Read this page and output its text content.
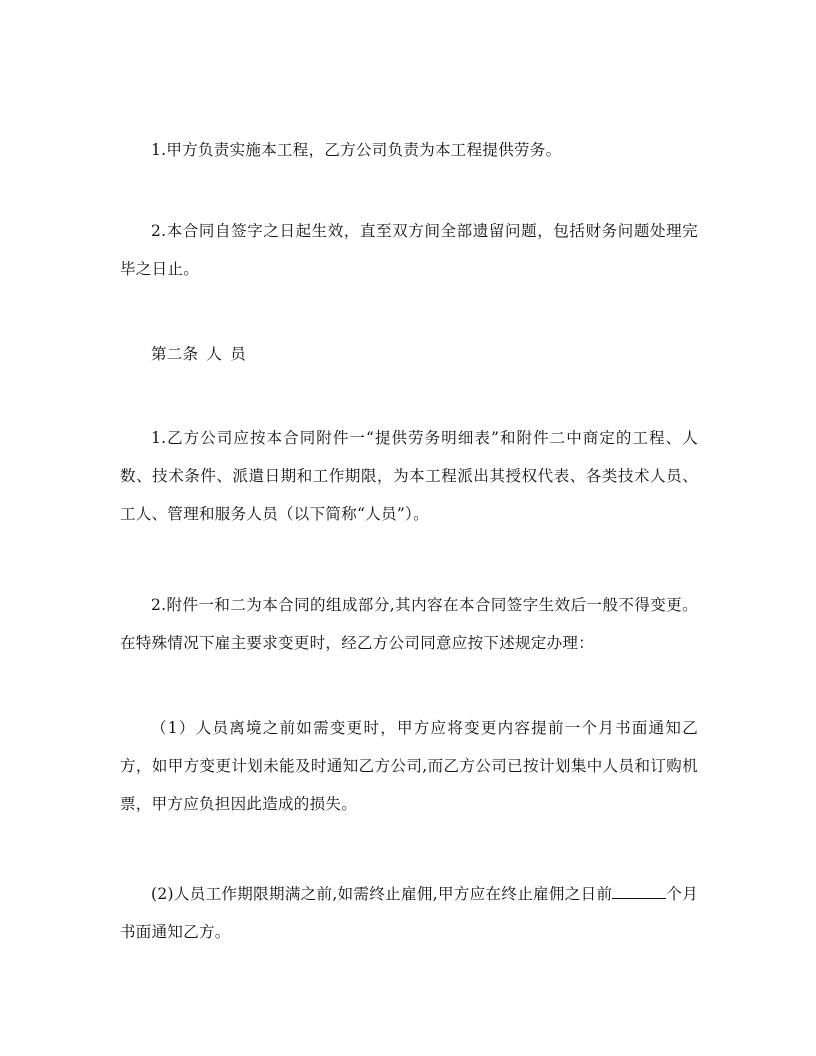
1.甲方负责实施本工程，乙方公司负责为本工程提供劳务。

2.本合同自签字之日起生效，直至双方间全部遗留问题，包括财务问题处理完毕之日止。

第二条 人 员

1.乙方公司应按本合同附件一“提供劳务明细表”和附件二中商定的工程、人数、技术条件、派遣日期和工作期限，为本工程派出其授权代表、各类技术人员、工人、管理和服务人员（以下简称“人员”）。

2.附件一和二为本合同的组成部分,其内容在本合同签字生效后一般不得变更。在特殊情况下雇主要求变更时，经乙方公司同意应按下述规定办理：

（1）人员离境之前如需变更时，甲方应将变更内容提前一个月书面通知乙方，如甲方变更计划未能及时通知乙方公司,而乙方公司已按计划集中人员和订购机票，甲方应负担因此造成的损失。

(2)人员工作期限期满之前,如需终止雇佣,甲方应在终止雇佣之日前	个月书面通知乙方。
